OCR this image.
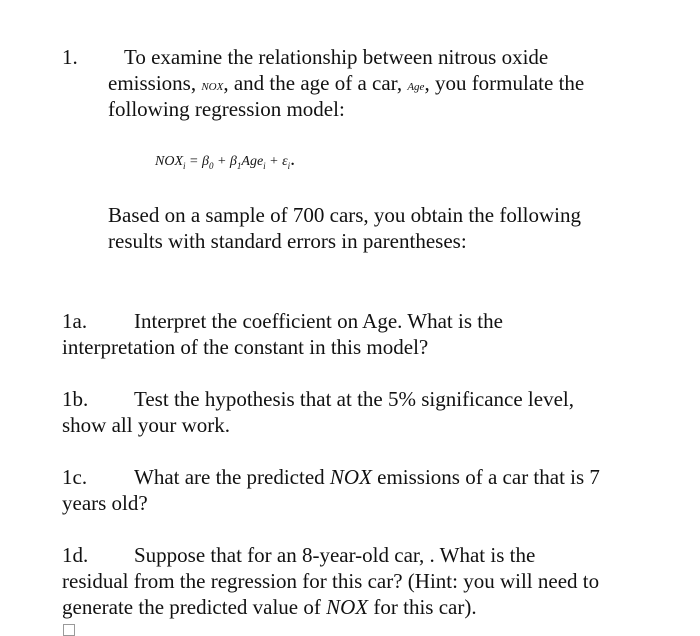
1. To examine the relationship between nitrous oxide
emissions, NOX, and the age of a car, Age, you formulate the
following regression model:
$NOX_i = \beta_0 + \beta_1Age_i + \varepsilon_i$.
Based on a sample of 700 cars, you obtain the following
results with standard errors in parentheses:
1a. Interpret the coefficient on Age. What is the
interpretation of the constant in this model?
1b. Test the hypothesis that at the 5% significance level,
show all your work.
1c. What are the predicted NOX emissions of a car that is 7
years old?
1d. Suppose that for an 8-year-old car, . What is the
residual from the regression for this car? (Hint: you will need to
generate the predicted value of NOX for this car).
